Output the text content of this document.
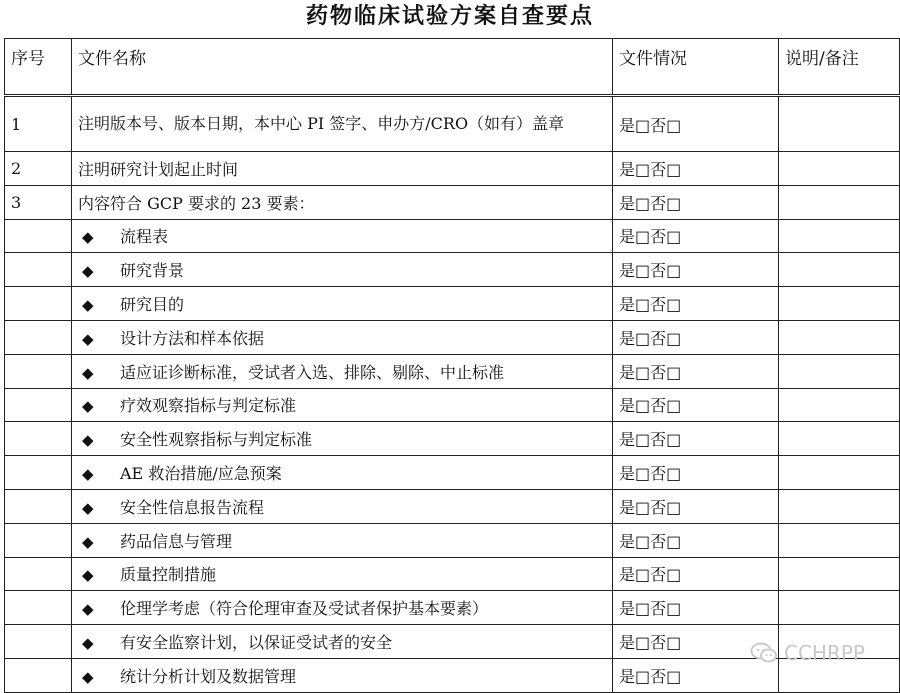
药物临床试验方案自查要点
序号	文件名称	文件情况	说明/备注
1	注明版本号、版本日期，本中心 PI 签字、申办方/CRO（如有）盖章	是□否□	
2	注明研究计划起止时间	是□否□	
3	内容符合 GCP 要求的 23 要素：	是□否□	
	◆ 流程表	是□否□	
	◆ 研究背景	是□否□	
	◆ 研究目的	是□否□	
	◆ 设计方法和样本依据	是□否□	
	◆ 适应证诊断标准，受试者入选、排除、剔除、中止标准	是□否□	
	◆ 疗效观察指标与判定标准	是□否□	
	◆ 安全性观察指标与判定标准	是□否□	
	◆ AE 救治措施/应急预案	是□否□	
	◆ 安全性信息报告流程	是□否□	
	◆ 药品信息与管理	是□否□	
	◆ 质量控制措施	是□否□	
	◆ 伦理学考虑（符合伦理审查及受试者保护基本要素）	是□否□	
	◆ 有安全监察计划，以保证受试者的安全	是□否□	
	◆ 统计分析计划及数据管理	是□否□	
CCHRPP
